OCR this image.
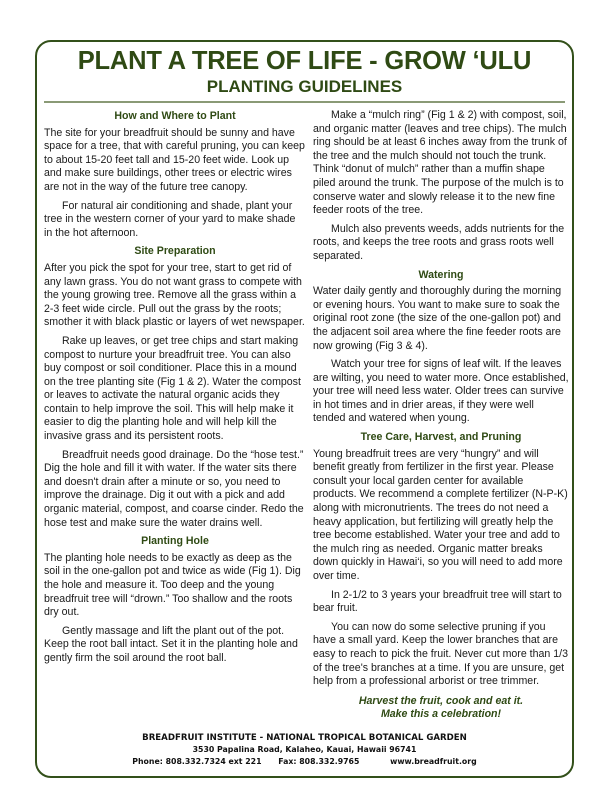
PLANT A TREE OF LIFE - GROW ‘ULU
PLANTING GUIDELINES
How and Where to Plant

The site for your breadfruit should be sunny and have space for a tree, that with careful pruning, you can keep to about 15-20 feet tall and 15-20 feet wide. Look up and make sure buildings, other trees or electric wires are not in the way of the future tree canopy.

For natural air conditioning and shade, plant your tree in the western corner of your yard to make shade in the hot afternoon.

Site Preparation

After you pick the spot for your tree, start to get rid of any lawn grass. You do not want grass to compete with the young growing tree. Remove all the grass within a 2-3 feet wide circle. Pull out the grass by the roots; smother it with black plastic or layers of wet newspaper.

Rake up leaves, or get tree chips and start making compost to nurture your breadfruit tree. You can also buy compost or soil conditioner. Place this in a mound on the tree planting site (Fig 1 & 2). Water the compost or leaves to activate the natural organic acids they contain to help improve the soil. This will help make it easier to dig the planting hole and will help kill the invasive grass and its persistent roots.

Breadfruit needs good drainage. Do the “hose test.” Dig the hole and fill it with water. If the water sits there and doesn't drain after a minute or so, you need to improve the drainage. Dig it out with a pick and add organic material, compost, and coarse cinder. Redo the hose test and make sure the water drains well.

Planting Hole

The planting hole needs to be exactly as deep as the soil in the one-gallon pot and twice as wide (Fig 1). Dig the hole and measure it. Too deep and the young breadfruit tree will “drown.” Too shallow and the roots dry out.

Gently massage and lift the plant out of the pot. Keep the root ball intact. Set it in the planting hole and gently firm the soil around the root ball.

Make a “mulch ring” (Fig 1 & 2) with compost, soil, and organic matter (leaves and tree chips). The mulch ring should be at least 6 inches away from the trunk of the tree and the mulch should not touch the trunk. Think “donut of mulch” rather than a muffin shape piled around the trunk. The purpose of the mulch is to conserve water and slowly release it to the new fine feeder roots of the tree.

Mulch also prevents weeds, adds nutrients for the roots, and keeps the tree roots and grass roots well separated.

Watering

Water daily gently and thoroughly during the morning or evening hours. You want to make sure to soak the original root zone (the size of the one-gallon pot) and the adjacent soil area where the fine feeder roots are now growing (Fig 3 & 4).

Watch your tree for signs of leaf wilt. If the leaves are wilting, you need to water more. Once established, your tree will need less water. Older trees can survive in hot times and in drier areas, if they were well tended and watered when young.

Tree Care, Harvest, and Pruning

Young breadfruit trees are very “hungry” and will benefit greatly from fertilizer in the first year. Please consult your local garden center for available products. We recommend a complete fertilizer (N-P-K) along with micronutrients. The trees do not need a heavy application, but fertilizing will greatly help the tree become established. Water your tree and add to the mulch ring as needed. Organic matter breaks down quickly in Hawai‘i, so you will need to add more over time.

In 2-1/2 to 3 years your breadfruit tree will start to bear fruit.

You can now do some selective pruning if you have a small yard. Keep the lower branches that are easy to reach to pick the fruit. Never cut more than 1/3 of the tree's branches at a time. If you are unsure, get help from a professional arborist or tree trimmer.

Harvest the fruit, cook and eat it.
Make this a celebration!
BREADFRUIT INSTITUTE - NATIONAL TROPICAL BOTANICAL GARDEN
3530 Papalina Road, Kalaheo, Kauai, Hawaii 96741
Phone: 808.332.7324 ext 221 Fax: 808.332.9765	www.breadfruit.org
